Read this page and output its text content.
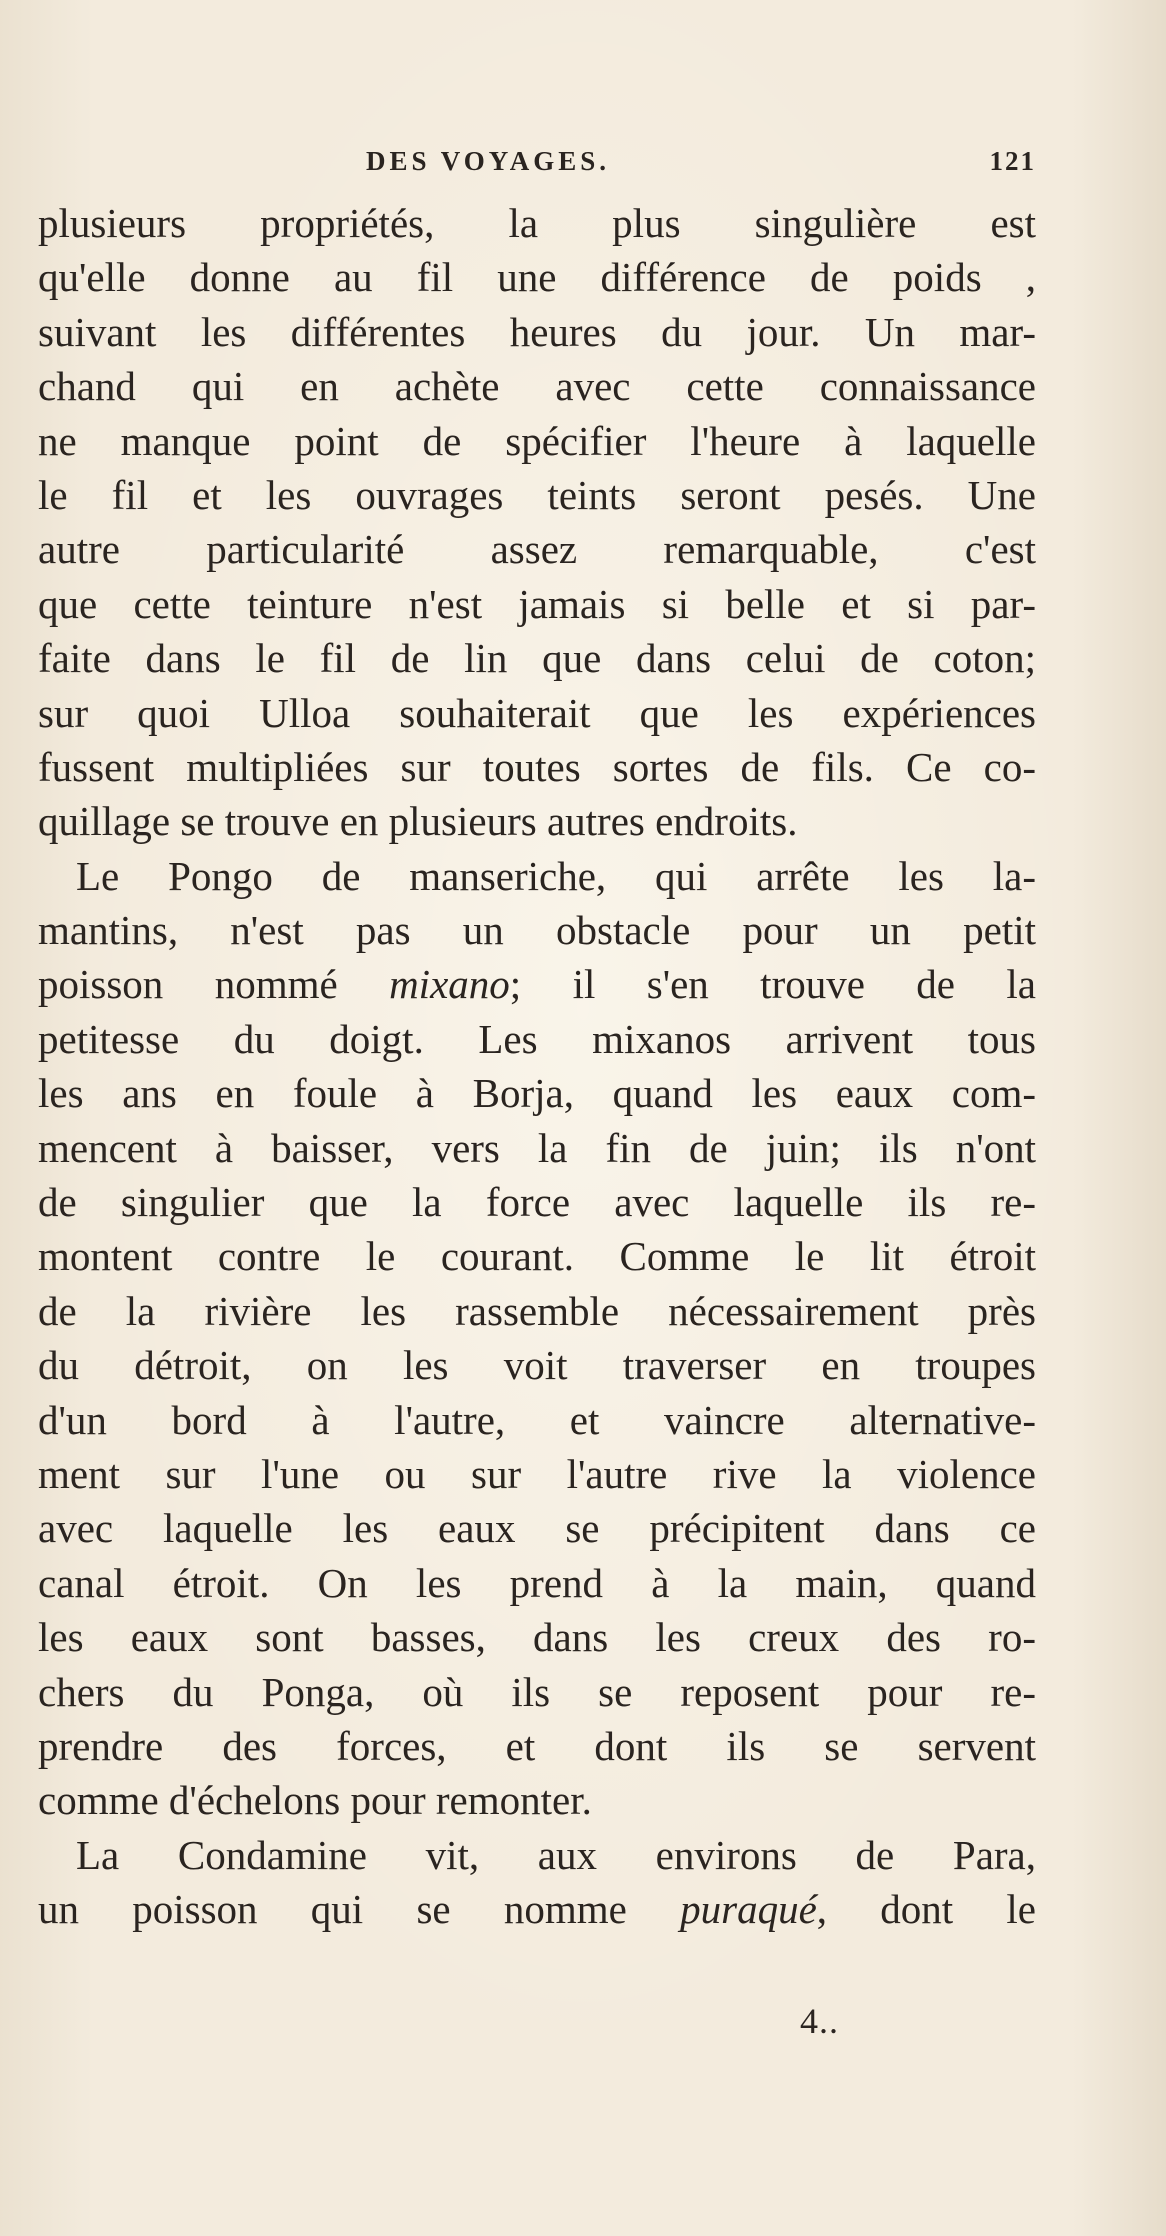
DES VOYAGES.	121
plusieurs propriétés, la plus singulière est
qu'elle donne au fil une différence de poids ,
suivant les différentes heures du jour. Un mar-
chand qui en achète avec cette connaissance
ne manque point de spécifier l'heure à laquelle
le fil et les ouvrages teints seront pesés. Une
autre particularité assez remarquable, c'est
que cette teinture n'est jamais si belle et si par-
faite dans le fil de lin que dans celui de coton;
sur quoi Ulloa souhaiterait que les expériences
fussent multipliées sur toutes sortes de fils. Ce co-
quillage se trouve en plusieurs autres endroits.
Le Pongo de manseriche, qui arrête les la-
mantins, n'est pas un obstacle pour un petit
poisson nommé mixano; il s'en trouve de la
petitesse du doigt. Les mixanos arrivent tous
les ans en foule à Borja, quand les eaux com-
mencent à baisser, vers la fin de juin; ils n'ont
de singulier que la force avec laquelle ils re-
montent contre le courant. Comme le lit étroit
de la rivière les rassemble nécessairement près
du détroit, on les voit traverser en troupes
d'un bord à l'autre, et vaincre alternative-
ment sur l'une ou sur l'autre rive la violence
avec laquelle les eaux se précipitent dans ce
canal étroit. On les prend à la main, quand
les eaux sont basses, dans les creux des ro-
chers du Ponga, où ils se reposent pour re-
prendre des forces, et dont ils se servent
comme d'échelons pour remonter.
La Condamine vit, aux environs de Para,
un poisson qui se nomme puraqué, dont le
4..
